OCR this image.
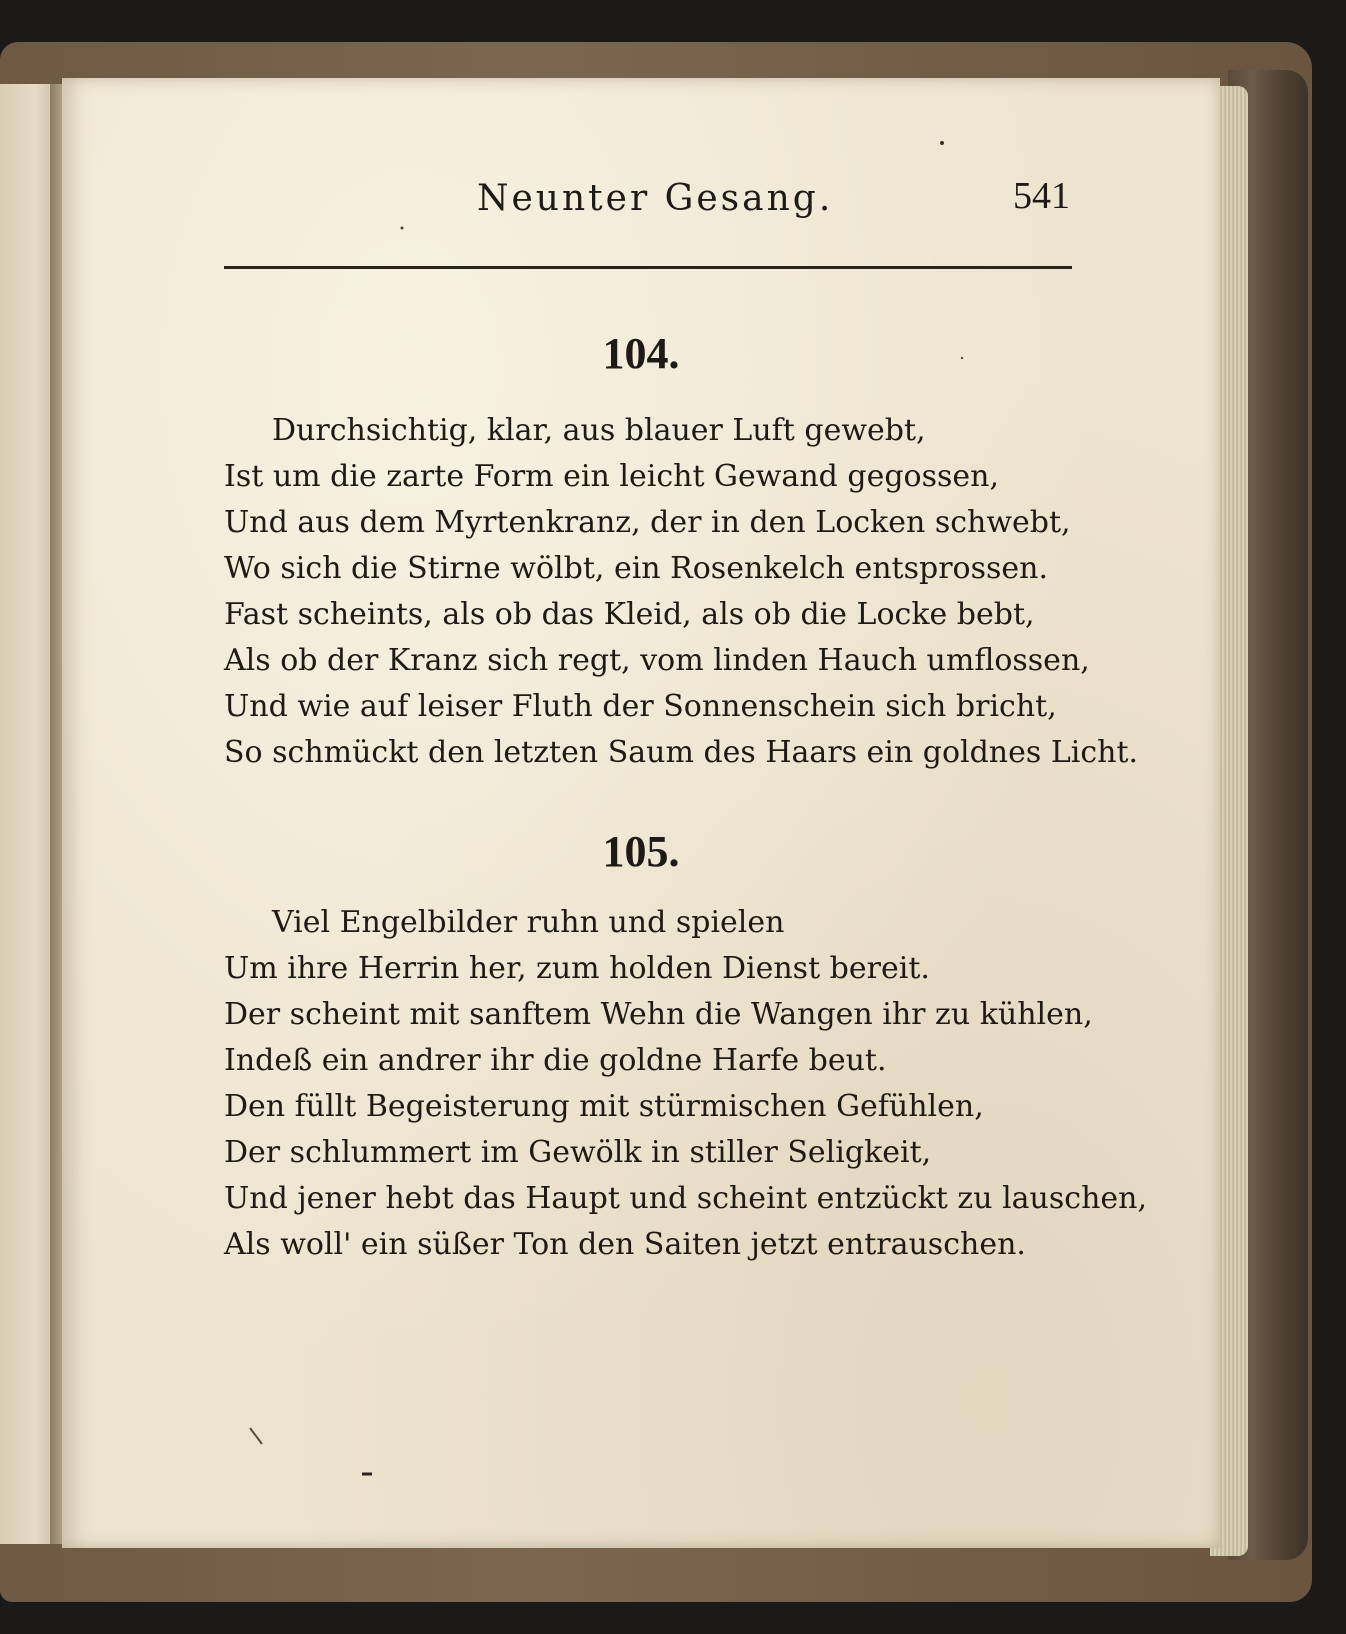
Neunter Gesang.	541
104.
Durchsichtig, klar, aus blauer Luft gewebt,
Ist um die zarte Form ein leicht Gewand gegossen,
Und aus dem Myrtenkranz, der in den Locken schwebt,
Wo sich die Stirne wölbt, ein Rosenkelch entsprossen.
Fast scheints, als ob das Kleid, als ob die Locke bebt,
Als ob der Kranz sich regt, vom linden Hauch umflossen,
Und wie auf leiser Fluth der Sonnenschein sich bricht,
So schmückt den letzten Saum des Haars ein goldnes Licht.
105.
Viel Engelbilder ruhn und spielen
Um ihre Herrin her, zum holden Dienst bereit.
Der scheint mit sanftem Wehn die Wangen ihr zu kühlen,
Indeß ein andrer ihr die goldne Harfe beut.
Den füllt Begeisterung mit stürmischen Gefühlen,
Der schlummert im Gewölk in stiller Seligkeit,
Und jener hebt das Haupt und scheint entzückt zu lauschen,
Als woll' ein süßer Ton den Saiten jetzt entrauschen.
